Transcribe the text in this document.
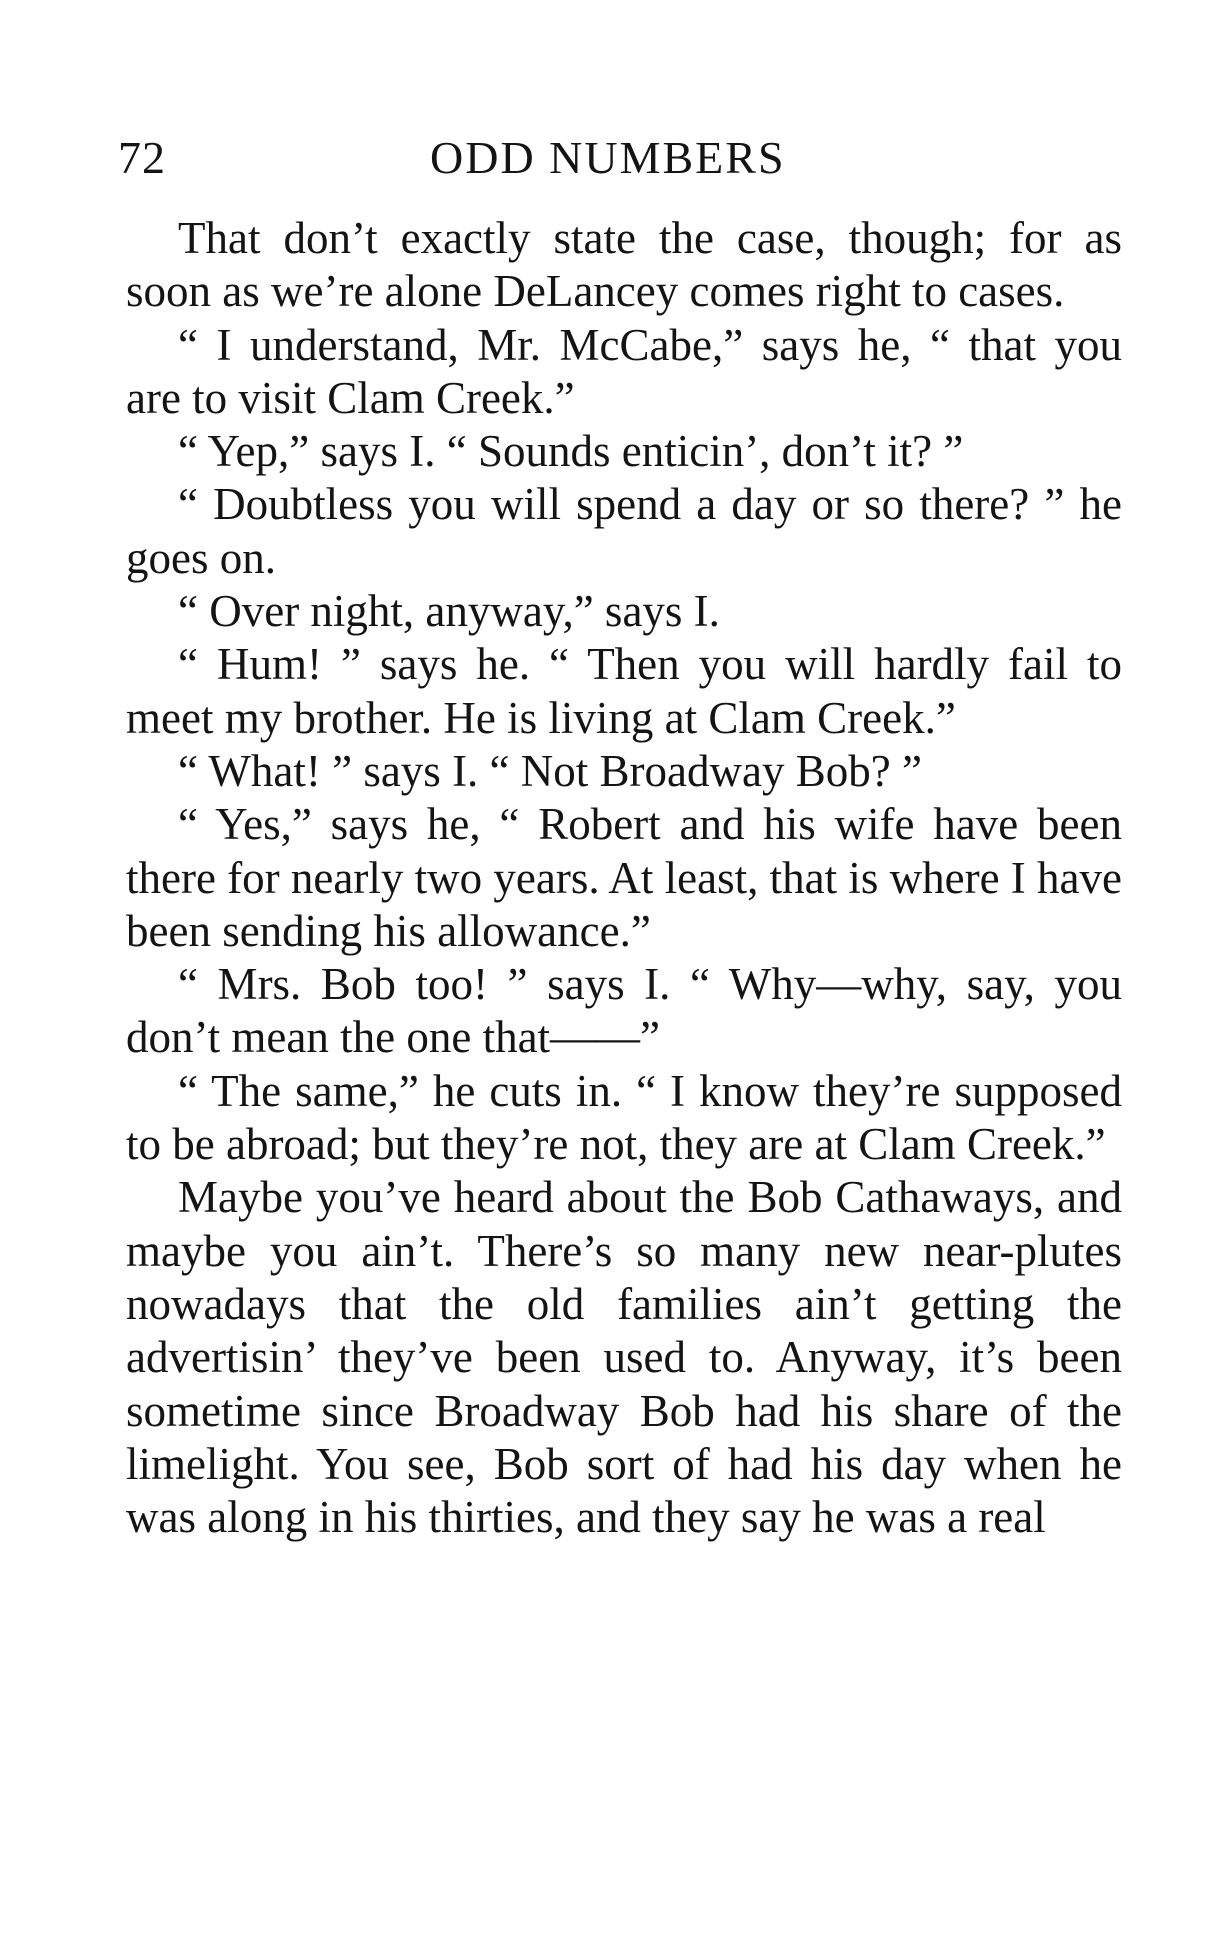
72	ODD NUMBERS

That don’t exactly state the case, though; for as soon as we’re alone DeLancey comes right to cases.

“ I understand, Mr. McCabe,” says he, “ that you are to visit Clam Creek.”

“ Yep,” says I. “ Sounds enticin’, don’t it? ”

“ Doubtless you will spend a day or so there? ” he goes on.

“ Over night, anyway,” says I.

“ Hum! ” says he. “ Then you will hardly fail to meet my brother. He is living at Clam Creek.”

“ What! ” says I. “ Not Broadway Bob? ”

“ Yes,” says he, “ Robert and his wife have been there for nearly two years. At least, that is where I have been sending his allowance.”

“ Mrs. Bob too! ” says I. “ Why—why, say, you don’t mean the one that——”

“ The same,” he cuts in. “ I know they’re supposed to be abroad; but they’re not, they are at Clam Creek.”

Maybe you’ve heard about the Bob Cathaways, and maybe you ain’t. There’s so many new near-plutes nowadays that the old families ain’t getting the advertisin’ they’ve been used to. Anyway, it’s been sometime since Broadway Bob had his share of the limelight. You see, Bob sort of had his day when he was along in his thirties, and they say he was a real
